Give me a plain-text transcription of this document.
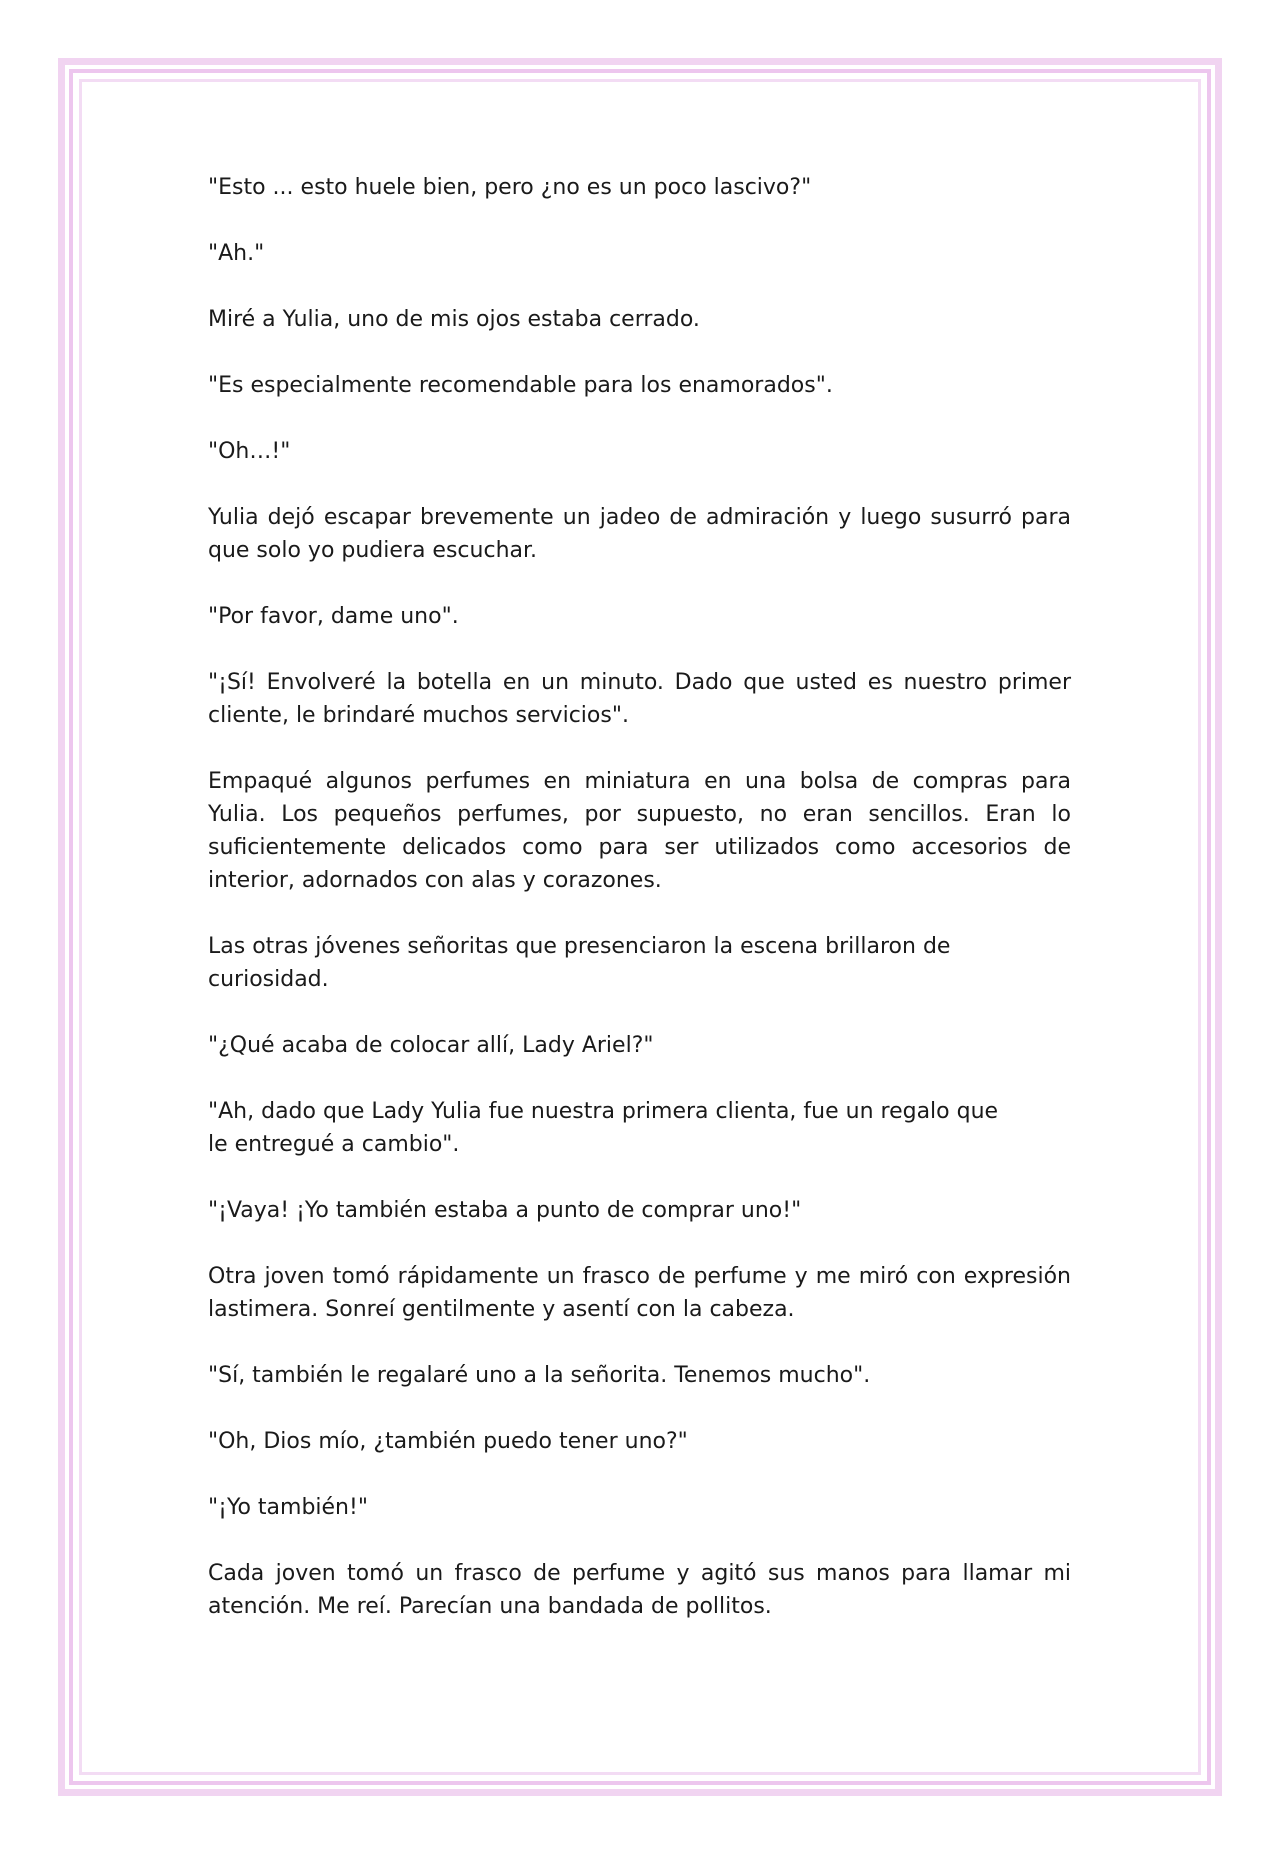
"Esto ... esto huele bien, pero ¿no es un poco lascivo?"

"Ah."

Miré a Yulia, uno de mis ojos estaba cerrado.

"Es especialmente recomendable para los enamorados".

"Oh…!"

Yulia dejó escapar brevemente un jadeo de admiración y luego susurró para que solo yo pudiera escuchar.

"Por favor, dame uno".

"¡Sí! Envolveré la botella en un minuto. Dado que usted es nuestro primer cliente, le brindaré muchos servicios".

Empaqué algunos perfumes en miniatura en una bolsa de compras para Yulia. Los pequeños perfumes, por supuesto, no eran sencillos. Eran lo suficientemente delicados como para ser utilizados como accesorios de interior, adornados con alas y corazones.

Las otras jóvenes señoritas que presenciaron la escena brillaron de curiosidad.

"¿Qué acaba de colocar allí, Lady Ariel?"

"Ah, dado que Lady Yulia fue nuestra primera clienta, fue un regalo que
le entregué a cambio".

"¡Vaya! ¡Yo también estaba a punto de comprar uno!"

Otra joven tomó rápidamente un frasco de perfume y me miró con expresión lastimera. Sonreí gentilmente y asentí con la cabeza.

"Sí, también le regalaré uno a la señorita. Tenemos mucho".

"Oh, Dios mío, ¿también puedo tener uno?"

"¡Yo también!"

Cada joven tomó un frasco de perfume y agitó sus manos para llamar mi atención. Me reí. Parecían una bandada de pollitos.
